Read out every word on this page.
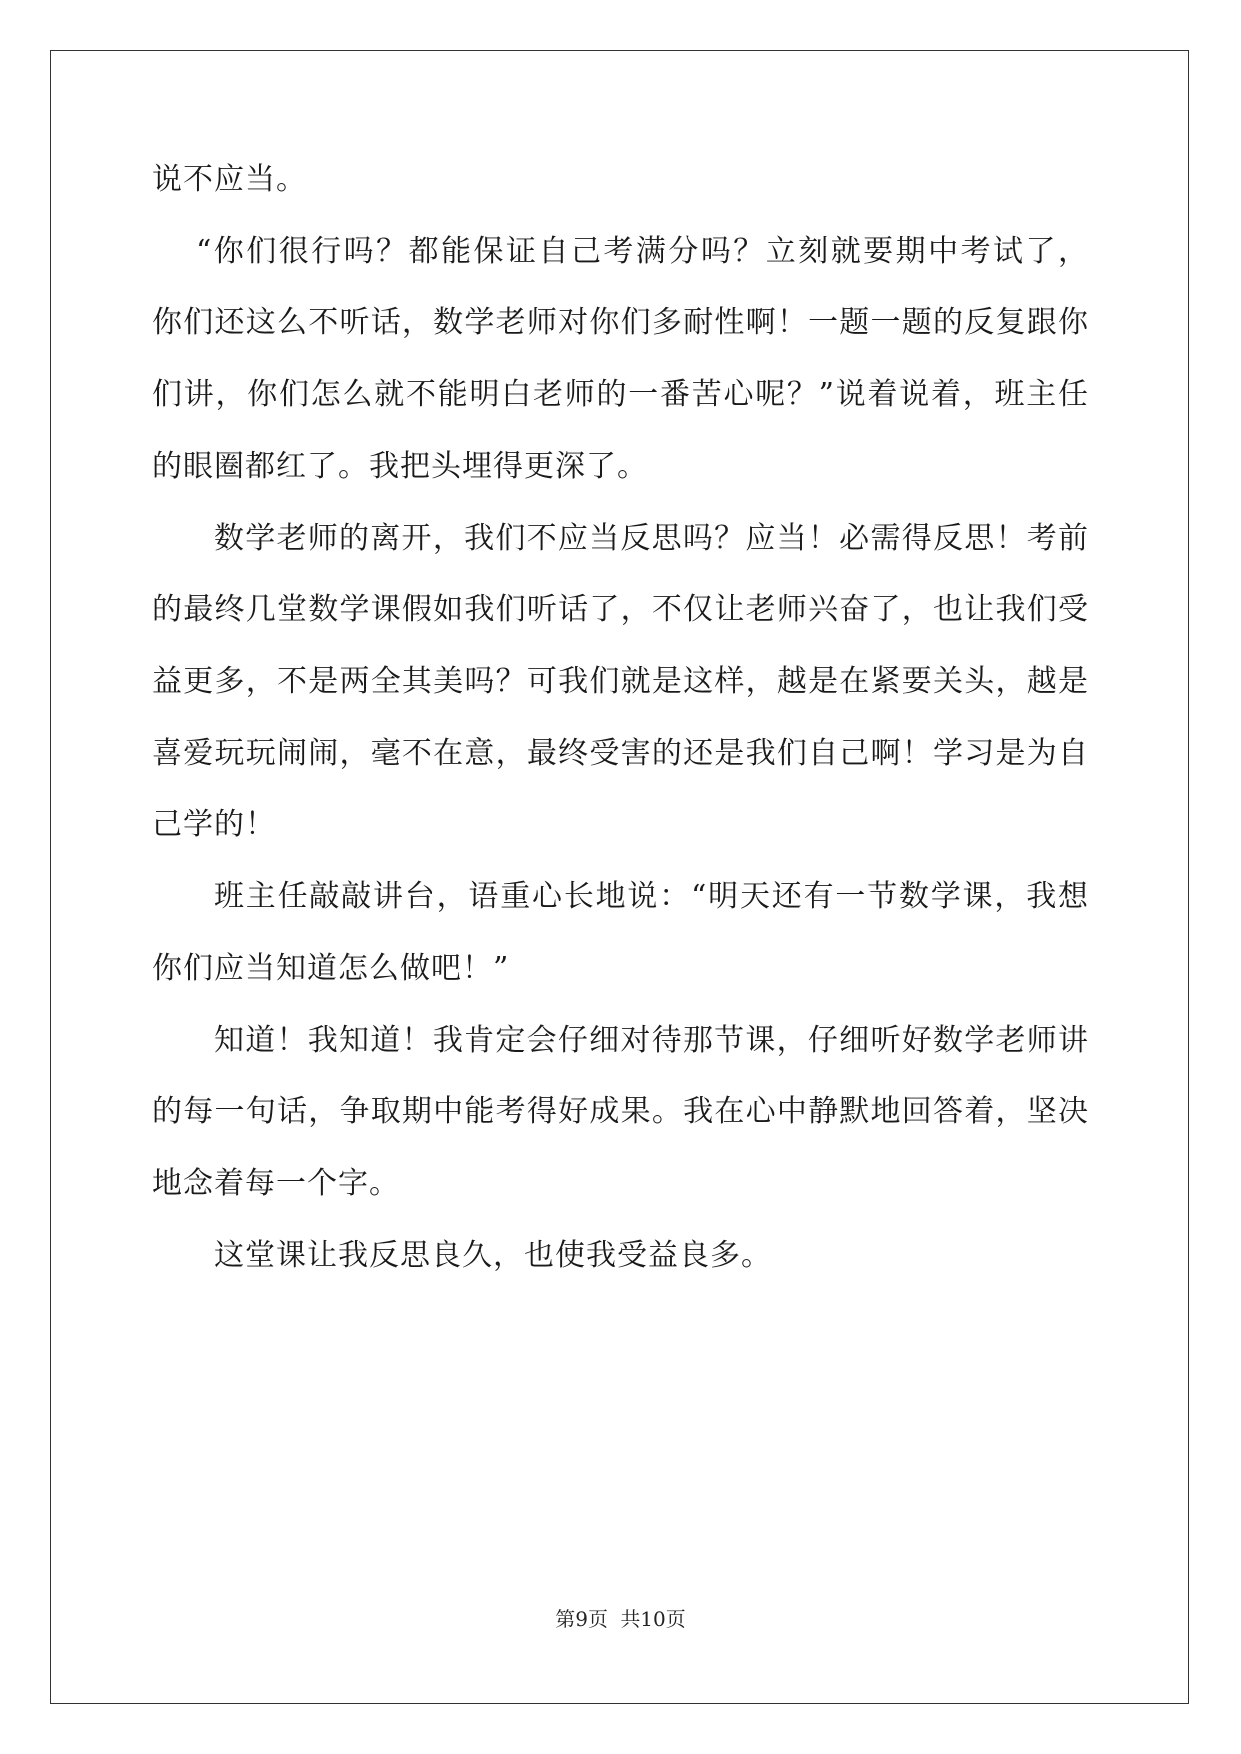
说不应当。
“你们很行吗？都能保证自己考满分吗？立刻就要期中考试了，
你们还这么不听话，数学老师对你们多耐性啊！一题一题的反复跟你
们讲，你们怎么就不能明白老师的一番苦心呢？”说着说着，班主任
的眼圈都红了。我把头埋得更深了。
数学老师的离开，我们不应当反思吗？应当！必需得反思！考前
的最终几堂数学课假如我们听话了，不仅让老师兴奋了，也让我们受
益更多，不是两全其美吗？可我们就是这样，越是在紧要关头，越是
喜爱玩玩闹闹，毫不在意，最终受害的还是我们自己啊！学习是为自
己学的！
班主任敲敲讲台，语重心长地说：“明天还有一节数学课，我想
你们应当知道怎么做吧！”
知道！我知道！我肯定会仔细对待那节课，仔细听好数学老师讲
的每一句话，争取期中能考得好成果。我在心中静默地回答着，坚决
地念着每一个字。
这堂课让我反思良久，也使我受益良多。
第9页 共10页
